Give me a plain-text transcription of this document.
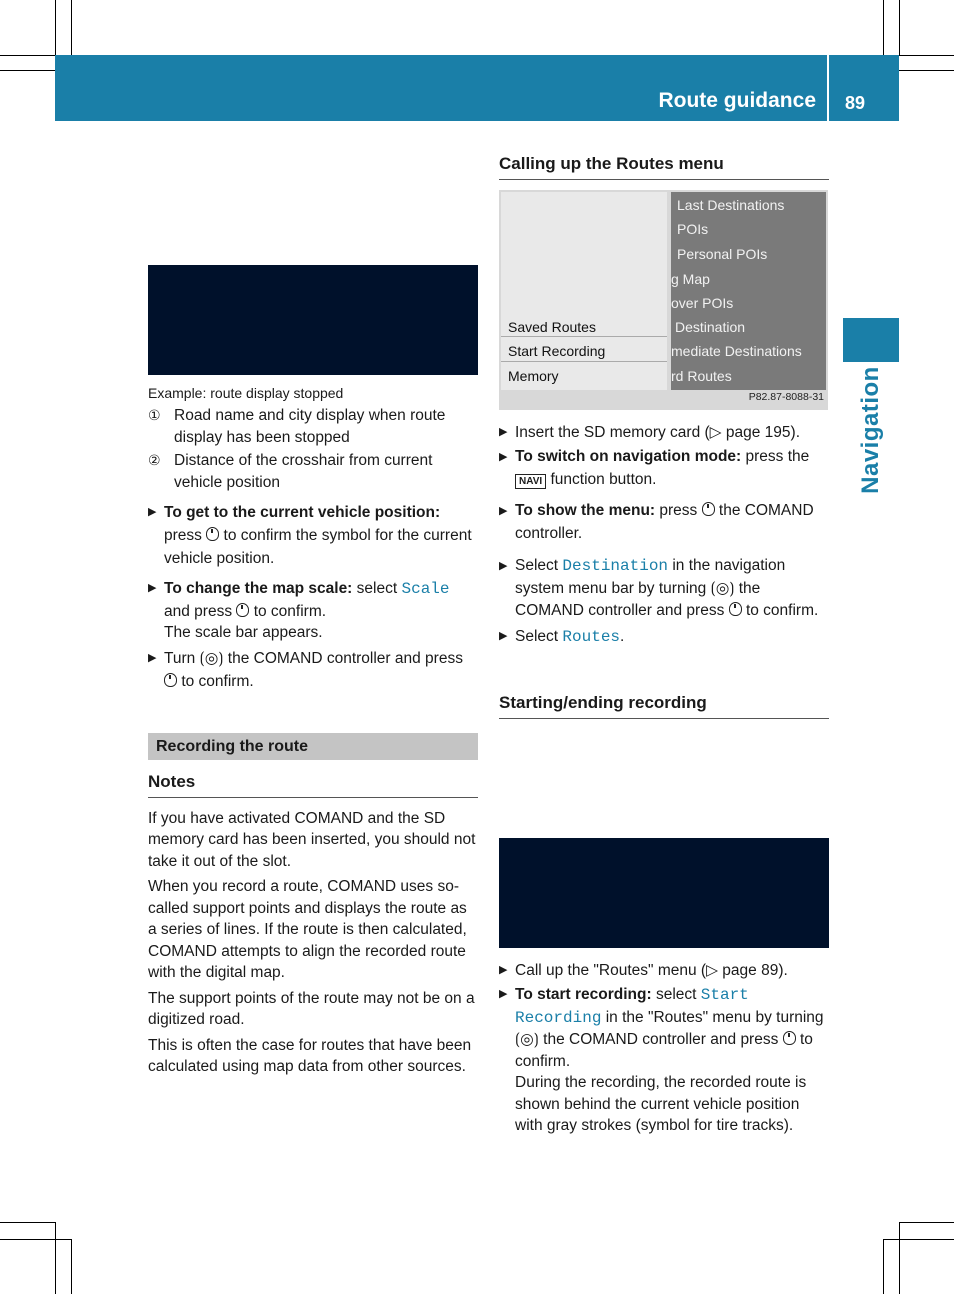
Route guidance	89
Navigation
Example: route display stopped
① Road name and city display when route display has been stopped
② Distance of the crosshair from current vehicle position
▶ To get to the current vehicle position: press to confirm the symbol for the current vehicle position.
▶ To change the map scale: select Scale and press to confirm.
The scale bar appears.
▶ Turn ⟮◎⟯ the COMAND controller and press  to confirm.
Recording the route
Notes

If you have activated COMAND and the SD memory card has been inserted, you should not take it out of the slot.

When you record a route, COMAND uses so-called support points and displays the route as a series of lines. If the route is then calculated, COMAND attempts to align the recorded route with the digital map.

The support points of the route may not be on a digitized road.

This is often the case for routes that have been calculated using map data from other sources.

Calling up the Routes menu
Saved Routes
Start Recording
Memory
Last Destinations
POIs
Personal POIs
g Map
over POIs
Destination
mediate Destinations
rd Routes
P82.87-8088-31
▶ Insert the SD memory card (▷ page 195).
▶ To switch on navigation mode: press the NAVI function button.
▶ To show the menu: press the COMAND controller.
▶ Select Destination in the navigation system menu bar by turning ⟮◎⟯ the COMAND controller and press to confirm.
▶ Select Routes.
Starting/ending recording
▶ Call up the "Routes" menu (▷ page 89).
▶ To start recording: select Start Recording in the "Routes" menu by turning ⟮◎⟯ the COMAND controller and press to confirm.
During the recording, the recorded route is shown behind the current vehicle position with gray strokes (symbol for tire tracks).
